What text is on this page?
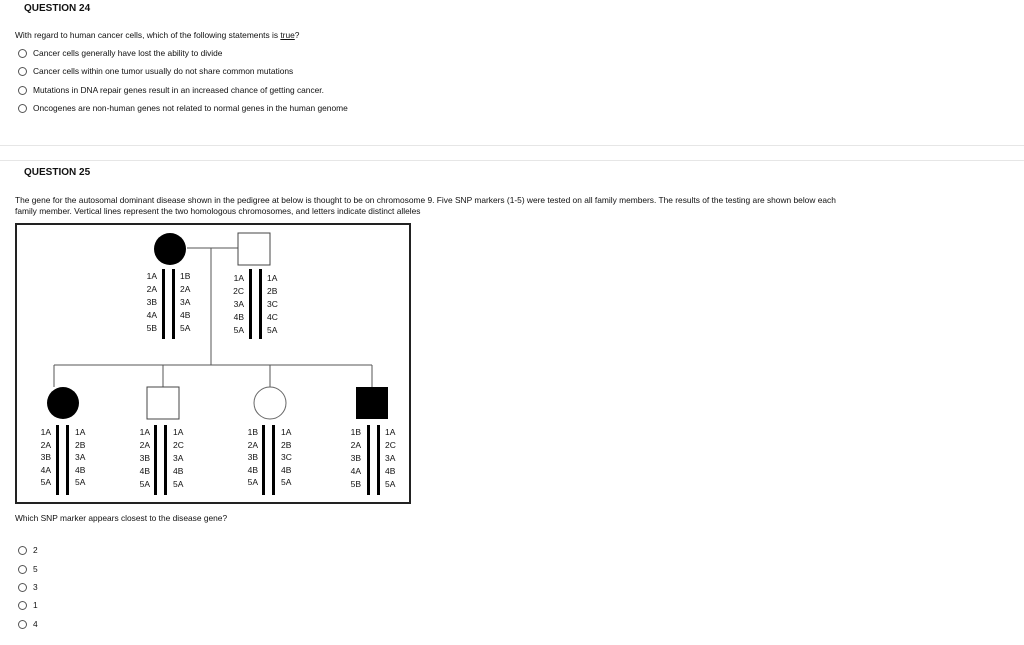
QUESTION 24
With regard to human cancer cells, which of the following statements is true?
Cancer cells generally have lost the ability to divide
Cancer cells within one tumor usually do not share common mutations
Mutations in DNA repair genes result in an increased chance of getting cancer.
Oncogenes are non-human genes not related to normal genes in the human genome
QUESTION 25
The gene for the autosomal dominant disease shown in the pedigree at below is thought to be on chromosome 9. Five SNP markers (1-5) were tested on all family members. The results of the testing are shown below each
family member. Vertical lines represent the two homologous chromosomes, and letters indicate distinct alleles
1A
2A
3B
4A
5B
1B
2A
3A
4B
5A
1A
2C
3A
4B
5A
1A
2B
3C
4C
5A
1A
2A
3B
4A
5A
1A
2B
3A
4B
5A
1A
2A
3B
4B
5A
1A
2C
3A
4B
5A
1B
2A
3B
4B
5A
1A
2B
3C
4B
5A
1B
2A
3B
4A
5B
1A
2C
3A
4B
5A
Which SNP marker appears closest to the disease gene?
2
5
3
1
4
